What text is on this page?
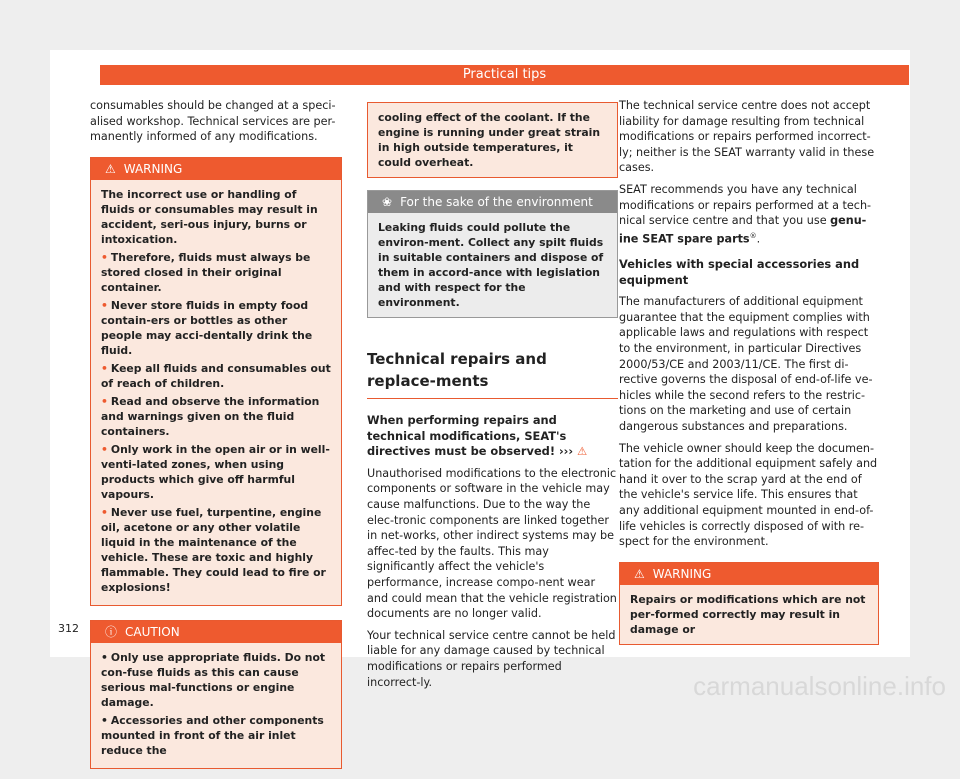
Practical tips

consumables should be changed at a speci-alised workshop. Technical services are per-manently informed of any modifications.

⚠ WARNING

The incorrect use or handling of fluids or consumables may result in accident, seri-ous injury, burns or intoxication.

• Therefore, fluids must always be stored closed in their original container.

• Never store fluids in empty food contain-ers or bottles as other people may acci-dentally drink the fluid.

• Keep all fluids and consumables out of reach of children.

• Read and observe the information and warnings given on the fluid containers.

• Only work in the open air or in well-venti-lated zones, when using products which give off harmful vapours.

• Never use fuel, turpentine, engine oil, acetone or any other volatile liquid in the maintenance of the vehicle. These are toxic and highly flammable. They could lead to fire or explosions!

ⓘ CAUTION

• Only use appropriate fluids. Do not con-fuse fluids as this can cause serious mal-functions or engine damage.

• Accessories and other components mounted in front of the air inlet reduce the

cooling effect of the coolant. If the engine is running under great strain in high outside temperatures, it could overheat.
❀ For the sake of the environment
Leaking fluids could pollute the environ-ment. Collect any spilt fluids in suitable containers and dispose of them in accord-ance with legislation and with respect for the environment.
Technical repairs and replace-ments

When performing repairs and technical modifications, SEAT's directives must be observed! ››› ⚠

Unauthorised modifications to the electronic components or software in the vehicle may cause malfunctions. Due to the way the elec-tronic components are linked together in net-works, other indirect systems may be affec-ted by the faults. This may significantly affect the vehicle's performance, increase compo-nent wear and could mean that the vehicle registration documents are no longer valid.

Your technical service centre cannot be held liable for any damage caused by technical modifications or repairs performed incorrect-ly.

The technical service centre does not accept liability for damage resulting from technical modifications or repairs performed incorrect-ly; neither is the SEAT warranty valid in these cases.

SEAT recommends you have any technical modifications or repairs performed at a tech-nical service centre and that you use genu-ine SEAT spare parts®.

Vehicles with special accessories and equipment

The manufacturers of additional equipment guarantee that the equipment complies with applicable laws and regulations with respect to the environment, in particular Directives 2000/53/CE and 2003/11/CE. The first di-rective governs the disposal of end-of-life ve-hicles while the second refers to the restric-tions on the marketing and use of certain dangerous substances and preparations.

The vehicle owner should keep the documen-tation for the additional equipment safely and hand it over to the scrap yard at the end of the vehicle's service life. This ensures that any additional equipment mounted in end-of-life vehicles is correctly disposed of with re-spect for the environment.

⚠ WARNING
Repairs or modifications which are not per-formed correctly may result in damage or
312
carmanualsonline.info
